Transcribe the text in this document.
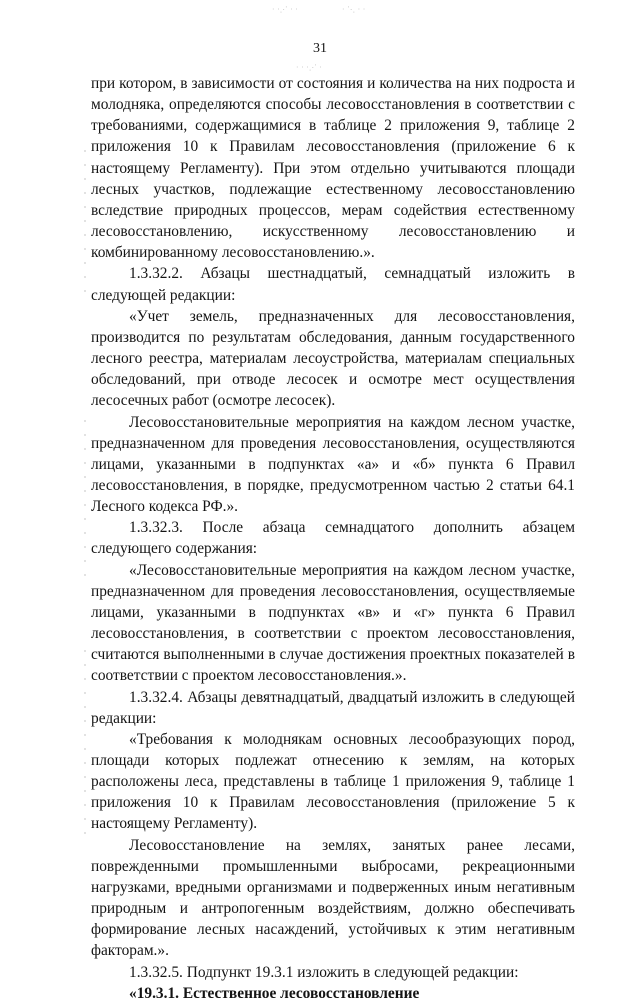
· ·⋰ · ·	· ⋱ · ·
· · ·⋰ ·
31

при котором, в зависимости от состояния и количества на них подроста и молодняка, определяются способы лесовосстановления в соответствии с требованиями, содержащимися в таблице 2 приложения 9, таблице 2 приложения 10 к Правилам лесовосстановления (приложение 6 к настоящему Регламенту). При этом отдельно учитываются площади лесных участков, подлежащие естественному лесовосстановлению вследствие природных процессов, мерам содействия естественному лесовосстановлению, искусственному лесовосстановлению и комбинированному лесовосстановлению.».

1.3.32.2. Абзацы шестнадцатый, семнадцатый изложить в следующей редакции:

«Учет земель, предназначенных для лесовосстановления, производится по результатам обследования, данным государственного лесного реестра, материалам лесоустройства, материалам специальных обследований, при отводе лесосек и осмотре мест осуществления лесосечных работ (осмотре лесосек).

Лесовосстановительные мероприятия на каждом лесном участке, предназначенном для проведения лесовосстановления, осуществляются лицами, указанными в подпунктах «а» и «б» пункта 6 Правил лесовосстановления, в порядке, предусмотренном частью 2 статьи 64.1 Лесного кодекса РФ.».

1.3.32.3. После абзаца семнадцатого дополнить абзацем следующего содержания:

«Лесовосстановительные мероприятия на каждом лесном участке, предназначенном для проведения лесовосстановления, осуществляемые лицами, указанными в подпунктах «в» и «г» пункта 6 Правил лесовосстановления, в соответствии с проектом лесовосстановления, считаются выполненными в случае достижения проектных показателей в соответствии с проектом лесовосстановления.».

1.3.32.4. Абзацы девятнадцатый, двадцатый изложить в следующей редакции:

«Требования к молоднякам основных лесообразующих пород, площади которых подлежат отнесению к землям, на которых расположены леса, представлены в таблице 1 приложения 9, таблице 1 приложения 10 к Правилам лесовосстановления (приложение 5 к настоящему Регламенту).

Лесовосстановление на землях, занятых ранее лесами, поврежденными промышленными выбросами, рекреационными нагрузками, вредными организмами и подверженных иным негативным природным и антропогенным воздействиям, должно обеспечивать формирование лесных насаждений, устойчивых к этим негативным факторам.».

1.3.32.5. Подпункт 19.3.1 изложить в следующей редакции:

«19.3.1. Естественное лесовосстановление
